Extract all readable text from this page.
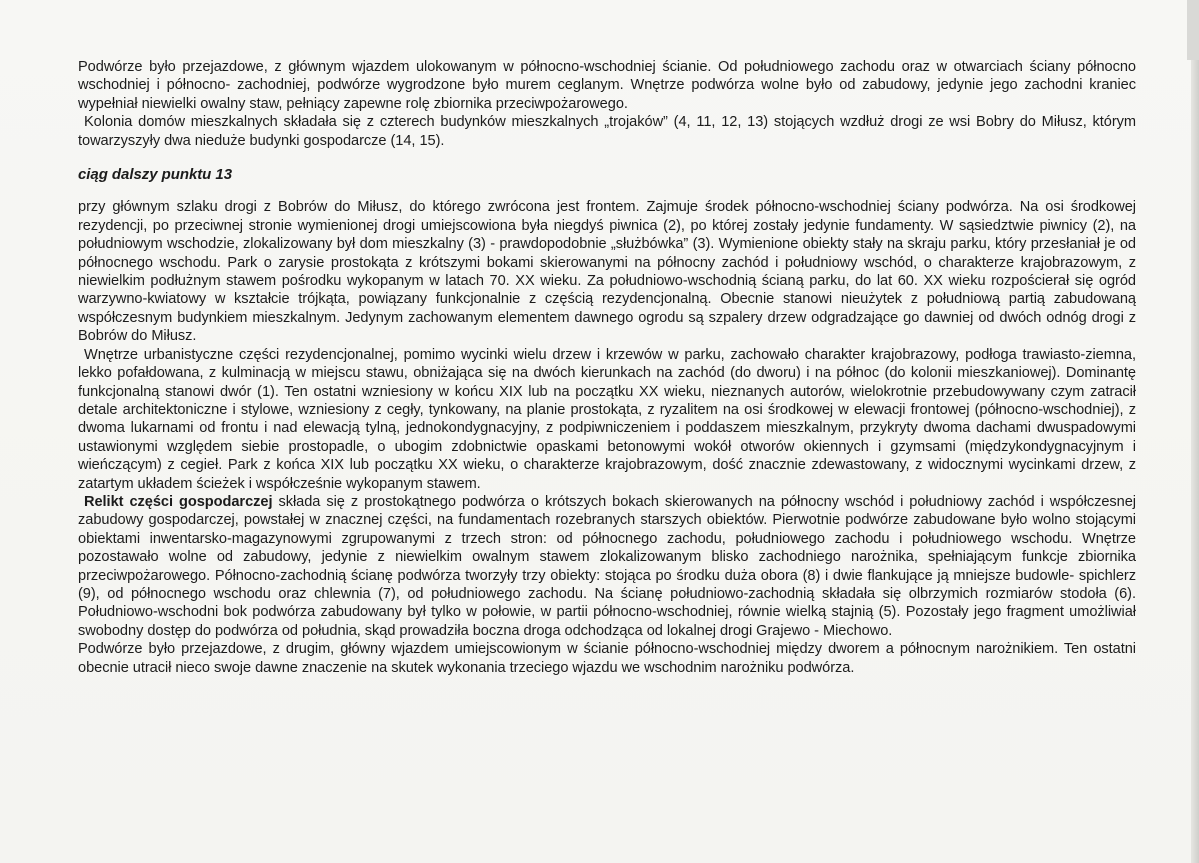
Podwórze było przejazdowe, z głównym wjazdem ulokowanym w północno-wschodniej ścianie. Od południowego zachodu oraz w otwarciach ściany północno wschodniej i północno- zachodniej, podwórze wygrodzone było murem ceglanym. Wnętrze podwórza wolne było od zabudowy, jedynie jego zachodni kraniec wypełniał niewielki owalny staw, pełniący zapewne rolę zbiornika przeciwpożarowego.

Kolonia domów mieszkalnych składała się z czterech budynków mieszkalnych „trojaków” (4, 11, 12, 13) stojących wzdłuż drogi ze wsi Bobry do Miłusz, którym towarzyszyły dwa nieduże budynki gospodarcze (14, 15).

ciąg dalszy punktu 13

przy głównym szlaku drogi z Bobrów do Miłusz, do którego zwrócona jest frontem. Zajmuje środek północno-wschodniej ściany podwórza. Na osi środkowej rezydencji, po przeciwnej stronie wymienionej drogi umiejscowiona była niegdyś piwnica (2), po której zostały jedynie fundamenty. W sąsiedztwie piwnicy (2), na południowym wschodzie, zlokalizowany był dom mieszkalny (3) - prawdopodobnie „służbówka” (3). Wymienione obiekty stały na skraju parku, który przesłaniał je od północnego wschodu. Park o zarysie prostokąta z krótszymi bokami skierowanymi na północny zachód i południowy wschód, o charakterze krajobrazowym, z niewielkim podłużnym stawem pośrodku wykopanym w latach 70. XX wieku. Za południowo-wschodnią ścianą parku, do lat 60. XX wieku rozpościerał się ogród warzywno-kwiatowy w kształcie trójkąta, powiązany funkcjonalnie z częścią rezydencjonalną. Obecnie stanowi nieużytek z południową partią zabudowaną współczesnym budynkiem mieszkalnym. Jedynym zachowanym elementem dawnego ogrodu są szpalery drzew odgradzające go dawniej od dwóch odnóg drogi z Bobrów do Miłusz.

Wnętrze urbanistyczne części rezydencjonalnej, pomimo wycinki wielu drzew i krzewów w parku, zachowało charakter krajobrazowy, podłoga trawiasto-ziemna, lekko pofałdowana, z kulminacją w miejscu stawu, obniżająca się na dwóch kierunkach na zachód (do dworu) i na północ (do kolonii mieszkaniowej). Dominantę funkcjonalną stanowi dwór (1). Ten ostatni wzniesiony w końcu XIX lub na początku XX wieku, nieznanych autorów, wielokrotnie przebudowywany czym zatracił detale architektoniczne i stylowe, wzniesiony z cegły, tynkowany, na planie prostokąta, z ryzalitem na osi środkowej w elewacji frontowej (północno-wschodniej), z dwoma lukarnami od frontu i nad elewacją tylną, jednokondygnacyjny, z podpiwniczeniem i poddaszem mieszkalnym, przykryty dwoma dachami dwuspadowymi ustawionymi względem siebie prostopadle, o ubogim zdobnictwie opaskami betonowymi wokół otworów okiennych i gzymsami (międzykondygnacyjnym i wieńczącym) z cegieł. Park z końca XIX lub początku XX wieku, o charakterze krajobrazowym, dość znacznie zdewastowany, z widocznymi wycinkami drzew, z zatartym układem ścieżek i współcześnie wykopanym stawem.

Relikt części gospodarczej składa się z prostokątnego podwórza o krótszych bokach skierowanych na północny wschód i południowy zachód i współczesnej zabudowy gospodarczej, powstałej w znacznej części, na fundamentach rozebranych starszych obiektów. Pierwotnie podwórze zabudowane było wolno stojącymi obiektami inwentarsko-magazynowymi zgrupowanymi z trzech stron: od północnego zachodu, południowego zachodu i południowego wschodu. Wnętrze pozostawało wolne od zabudowy, jedynie z niewielkim owalnym stawem zlokalizowanym blisko zachodniego narożnika, spełniającym funkcje zbiornika przeciwpożarowego. Północno-zachodnią ścianę podwórza tworzyły trzy obiekty: stojąca po środku duża obora (8) i dwie flankujące ją mniejsze budowle- spichlerz (9), od północnego wschodu oraz chlewnia (7), od południowego zachodu. Na ścianę południowo-zachodnią składała się olbrzymich rozmiarów stodoła (6). Południowo-wschodni bok podwórza zabudowany był tylko w połowie, w partii północno-wschodniej, równie wielką stajnią (5). Pozostały jego fragment umożliwiał swobodny dostęp do podwórza od południa, skąd prowadziła boczna droga odchodząca od lokalnej drogi Grajewo - Miechowo.

Podwórze było przejazdowe, z drugim, główny wjazdem umiejscowionym w ścianie północno-wschodniej między dworem a północnym narożnikiem. Ten ostatni obecnie utracił nieco swoje dawne znaczenie na skutek wykonania trzeciego wjazdu we wschodnim narożniku podwórza.
